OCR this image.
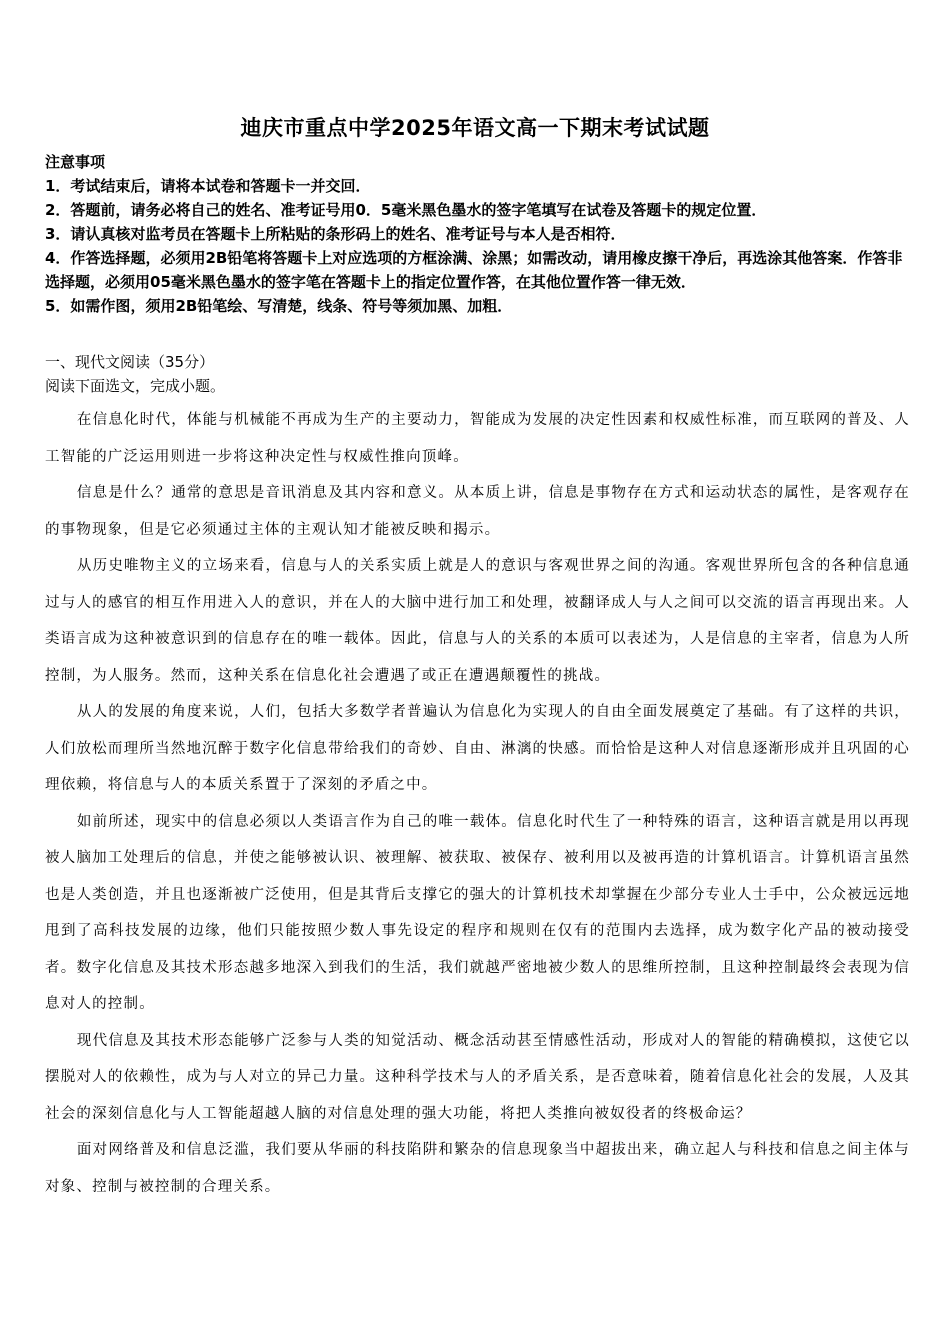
迪庆市重点中学2025年语文高一下期末考试试题
注意事项
1．考试结束后，请将本试卷和答题卡一并交回．
2．答题前，请务必将自己的姓名、准考证号用0．5毫米黑色墨水的签字笔填写在试卷及答题卡的规定位置．
3．请认真核对监考员在答题卡上所粘贴的条形码上的姓名、准考证号与本人是否相符．
4．作答选择题，必须用2B铅笔将答题卡上对应选项的方框涂满、涂黑；如需改动，请用橡皮擦干净后，再选涂其他答案．作答非选择题，必须用05毫米黑色墨水的签字笔在答题卡上的指定位置作答，在其他位置作答一律无效．
5．如需作图，须用2B铅笔绘、写清楚，线条、符号等须加黑、加粗．
一、现代文阅读（35分）
阅读下面选文，完成小题。

在信息化时代，体能与机械能不再成为生产的主要动力，智能成为发展的决定性因素和权威性标准，而互联网的普及、人工智能的广泛运用则进一步将这种决定性与权威性推向顶峰。

信息是什么？通常的意思是音讯消息及其内容和意义。从本质上讲，信息是事物存在方式和运动状态的属性，是客观存在的事物现象，但是它必须通过主体的主观认知才能被反映和揭示。

从历史唯物主义的立场来看，信息与人的关系实质上就是人的意识与客观世界之间的沟通。客观世界所包含的各种信息通过与人的感官的相互作用进入人的意识，并在人的大脑中进行加工和处理，被翻译成人与人之间可以交流的语言再现出来。人类语言成为这种被意识到的信息存在的唯一载体。因此，信息与人的关系的本质可以表述为，人是信息的主宰者，信息为人所控制，为人服务。然而，这种关系在信息化社会遭遇了或正在遭遇颠覆性的挑战。

从人的发展的角度来说，人们，包括大多数学者普遍认为信息化为实现人的自由全面发展奠定了基础。有了这样的共识，人们放松而理所当然地沉醉于数字化信息带给我们的奇妙、自由、淋漓的快感。而恰恰是这种人对信息逐渐形成并且巩固的心理依赖，将信息与人的本质关系置于了深刻的矛盾之中。

如前所述，现实中的信息必须以人类语言作为自己的唯一载体。信息化时代生了一种特殊的语言，这种语言就是用以再现被人脑加工处理后的信息，并使之能够被认识、被理解、被获取、被保存、被利用以及被再造的计算机语言。计算机语言虽然也是人类创造，并且也逐渐被广泛使用，但是其背后支撑它的强大的计算机技术却掌握在少部分专业人士手中，公众被远远地甩到了高科技发展的边缘，他们只能按照少数人事先设定的程序和规则在仅有的范围内去选择，成为数字化产品的被动接受者。数字化信息及其技术形态越多地深入到我们的生活，我们就越严密地被少数人的思维所控制，且这种控制最终会表现为信息对人的控制。

现代信息及其技术形态能够广泛参与人类的知觉活动、概念活动甚至情感性活动，形成对人的智能的精确模拟，这使它以摆脱对人的依赖性，成为与人对立的异己力量。这种科学技术与人的矛盾关系，是否意味着，随着信息化社会的发展，人及其社会的深刻信息化与人工智能超越人脑的对信息处理的强大功能，将把人类推向被奴役者的终极命运？

面对网络普及和信息泛滥，我们要从华丽的科技陷阱和繁杂的信息现象当中超拔出来，确立起人与科技和信息之间主体与对象、控制与被控制的合理关系。
